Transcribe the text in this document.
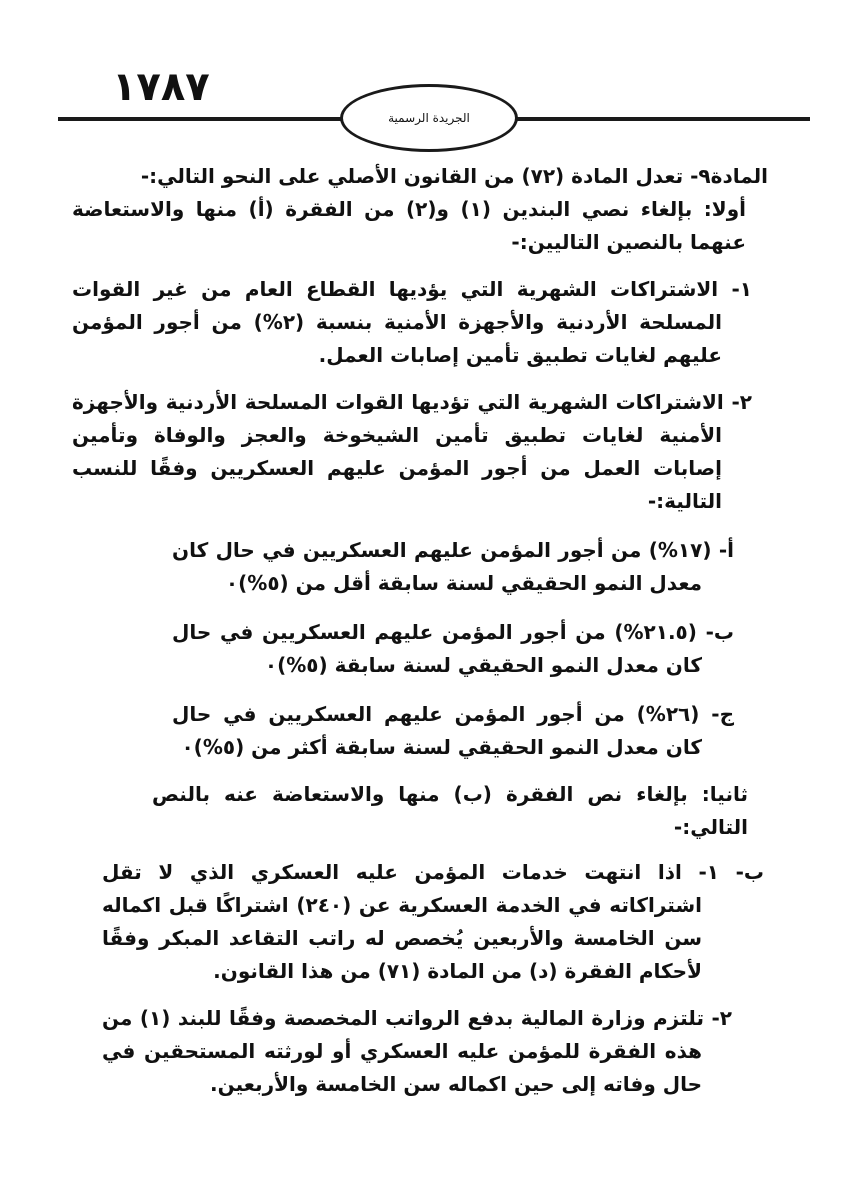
١٧٨٧
الجريدة الرسمية

المادة٩- تعدل المادة (٧٢) من القانون الأصلي على النحو التالي:-

أولا: بإلغاء نصي البندين (١) و(٢) من الفقرة (أ) منها والاستعاضة عنهما بالنصين التاليين:-

١- الاشتراكات الشهرية التي يؤديها القطاع العام من غير القوات المسلحة الأردنية والأجهزة الأمنية بنسبة (٢%) من أجور المؤمن عليهم لغايات تطبيق تأمين إصابات العمل.

٢- الاشتراكات الشهرية التي تؤديها القوات المسلحة الأردنية والأجهزة الأمنية لغايات تطبيق تأمين الشيخوخة والعجز والوفاة وتأمين إصابات العمل من أجور المؤمن عليهم العسكريين وفقًا للنسب التالية:-

أ- (١٧%) من أجور المؤمن عليهم العسكريين في حال كان معدل النمو الحقيقي لسنة سابقة أقل من (٥%)٠

ب- (٢١.٥%) من أجور المؤمن عليهم العسكريين في حال كان معدل النمو الحقيقي لسنة سابقة (٥%)٠

ج- (٢٦%) من أجور المؤمن عليهم العسكريين في حال كان معدل النمو الحقيقي لسنة سابقة أكثر من (٥%)٠

ثانيا: بإلغاء نص الفقرة (ب) منها والاستعاضة عنه بالنص التالي:-

ب- ١- اذا انتهت خدمات المؤمن عليه العسكري الذي لا تقل اشتراكاته في الخدمة العسكرية عن (٢٤٠) اشتراكًا قبل اكماله سن الخامسة والأربعين يُخصص له راتب التقاعد المبكر وفقًا لأحكام الفقرة (د) من المادة (٧١) من هذا القانون.

٢- تلتزم وزارة المالية بدفع الرواتب المخصصة وفقًا للبند (١) من هذه الفقرة للمؤمن عليه العسكري أو لورثته المستحقين في حال وفاته إلى حين اكماله سن الخامسة والأربعين.
